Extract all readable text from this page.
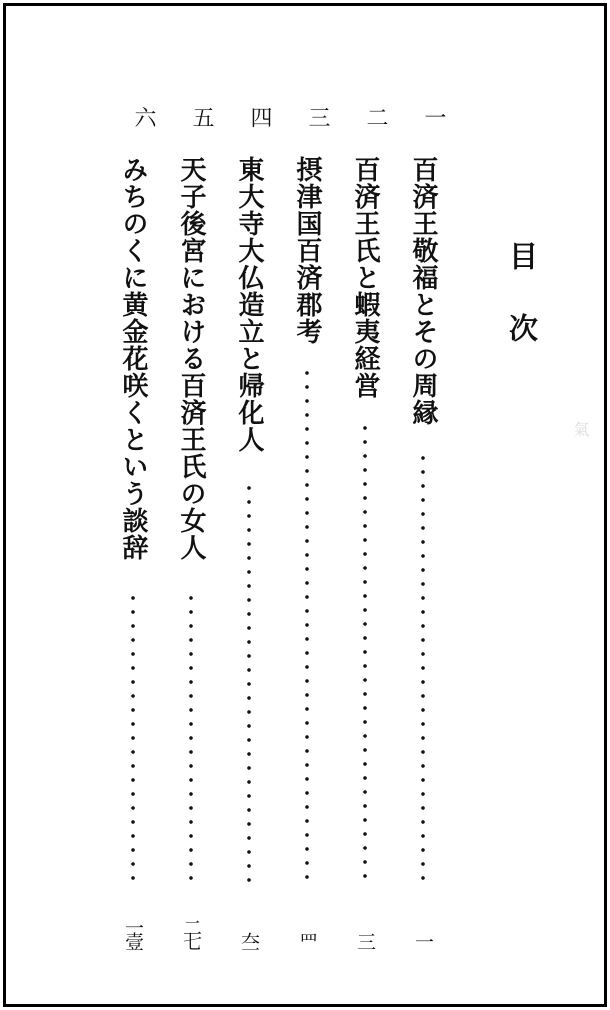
目次
氣
一
百済王敬福とその周縁
一
二
百済王氏と蝦夷経営
三
三
摂津国百済郡考
罒
四
東大寺大仏造立と帰化人
夳
五
天子後宮における百済王氏の女人
二七
六
みちのくに黄金花咲くという談辞
一壹
